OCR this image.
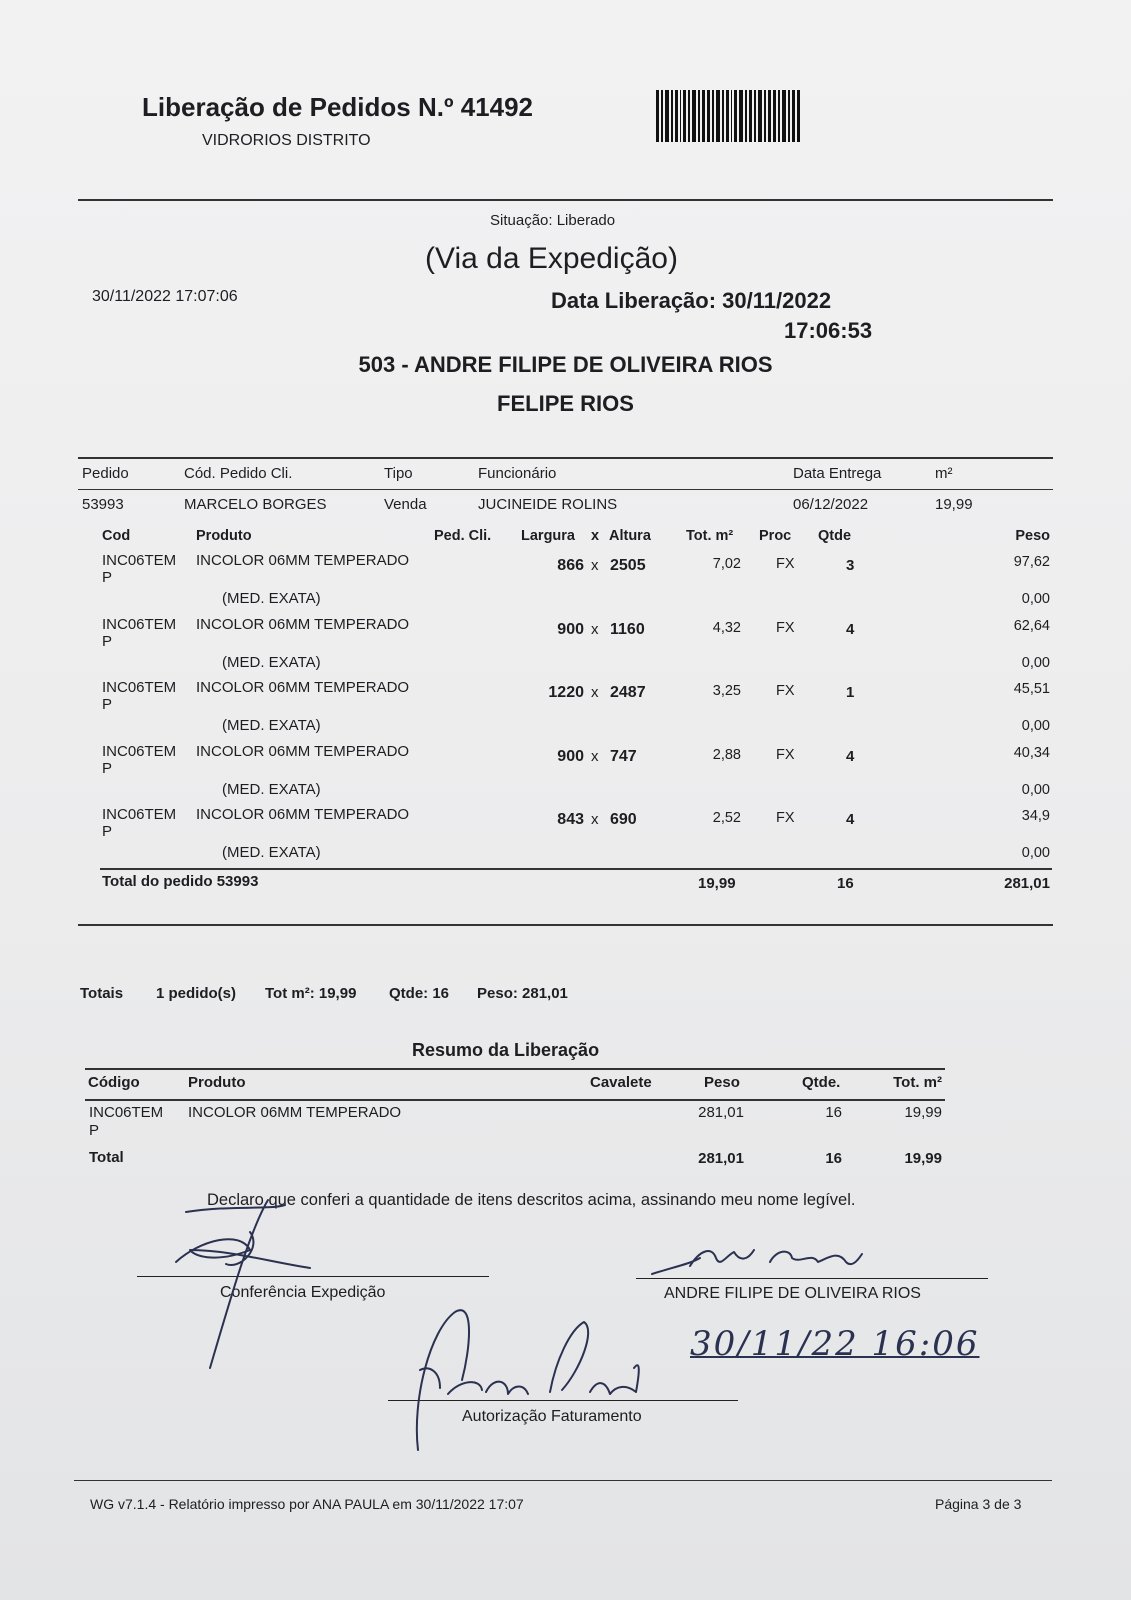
Liberação de Pedidos N.º 41492
VIDRORIOS DISTRITO
Situação: Liberado
(Via da Expedição)
30/11/2022 17:07:06	Data Liberação: 30/11/2022
17:06:53
503 - ANDRE FILIPE DE OLIVEIRA RIOS
FELIPE RIOS
Pedido	Cód. Pedido Cli.	Tipo	Funcionário	Data Entrega	m²
53993	MARCELO BORGES	Venda	JUCINEIDE ROLINS	06/12/2022	19,99
Cod	Produto	Ped. Cli. Largura x Altura Tot. m² Proc Qtde	Peso
INC06TEM
P
INCOLOR 06MM TEMPERADO	866 x 2505	7,02 FX	3	97,62
(MED. EXATA)	0,00
INC06TEM
P
INCOLOR 06MM TEMPERADO	900 x 1160	4,32 FX	4	62,64
(MED. EXATA)	0,00
INC06TEM
P
INCOLOR 06MM TEMPERADO	1220 x 2487	3,25 FX	1	45,51
(MED. EXATA)	0,00
INC06TEM
P
INCOLOR 06MM TEMPERADO	900 x 747	2,88 FX	4	40,34
(MED. EXATA)	0,00
INC06TEM
P
INCOLOR 06MM TEMPERADO	843 x 690	2,52 FX	4	34,9
(MED. EXATA)	0,00
Total do pedido 53993	19,99	16	281,01
Totais 1 pedido(s) Tot m²: 19,99 Qtde: 16 Peso: 281,01
Resumo da Liberação
Código	Produto	Cavalete	Peso	Qtde.	Tot. m²
INC06TEM
P
INCOLOR 06MM TEMPERADO	281,01	16	19,99
Total	281,01	16	19,99
Declaro que conferi a quantidade de itens descritos acima, assinando meu nome legível.
Conferência Expedição	ANDRE FILIPE DE OLIVEIRA RIOS
Autorização Faturamento
30/11/22 16:06
WG v7.1.4 - Relatório impresso por ANA PAULA em 30/11/2022 17:07	Página 3 de 3
